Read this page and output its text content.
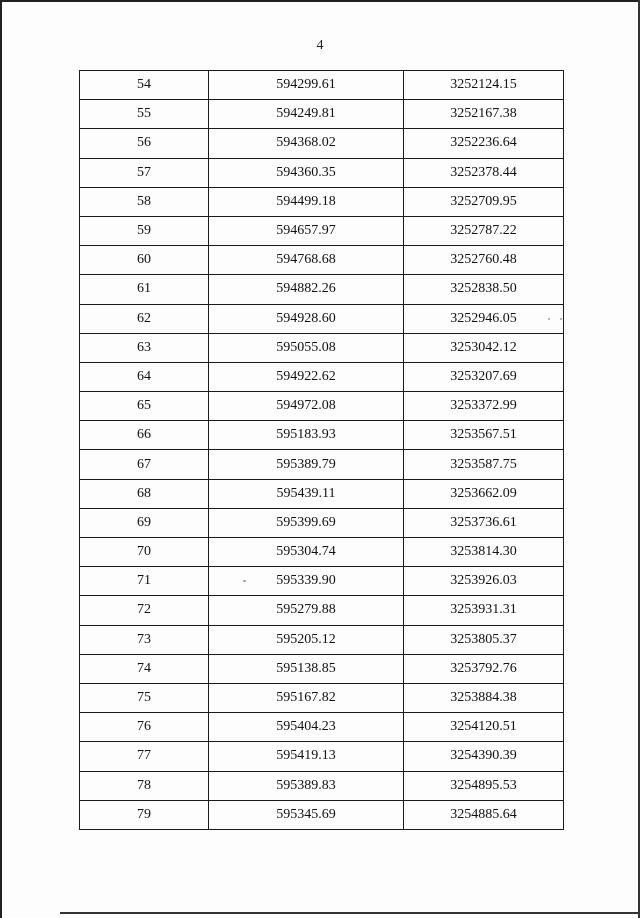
4
54	594299.61	3252124.15
55	594249.81	3252167.38
56	594368.02	3252236.64
57	594360.35	3252378.44
58	594499.18	3252709.95
59	594657.97	3252787.22
60	594768.68	3252760.48
61	594882.26	3252838.50
62	594928.60	3252946.05
63	595055.08	3253042.12
64	594922.62	3253207.69
65	594972.08	3253372.99
66	595183.93	3253567.51
67	595389.79	3253587.75
68	595439.11	3253662.09
69	595399.69	3253736.61
70	595304.74	3253814.30
71	595339.90	3253926.03
72	595279.88	3253931.31
73	595205.12	3253805.37
74	595138.85	3253792.76
75	595167.82	3253884.38
76	595404.23	3254120.51
77	595419.13	3254390.39
78	595389.83	3254895.53
79	595345.69	3254885.64
